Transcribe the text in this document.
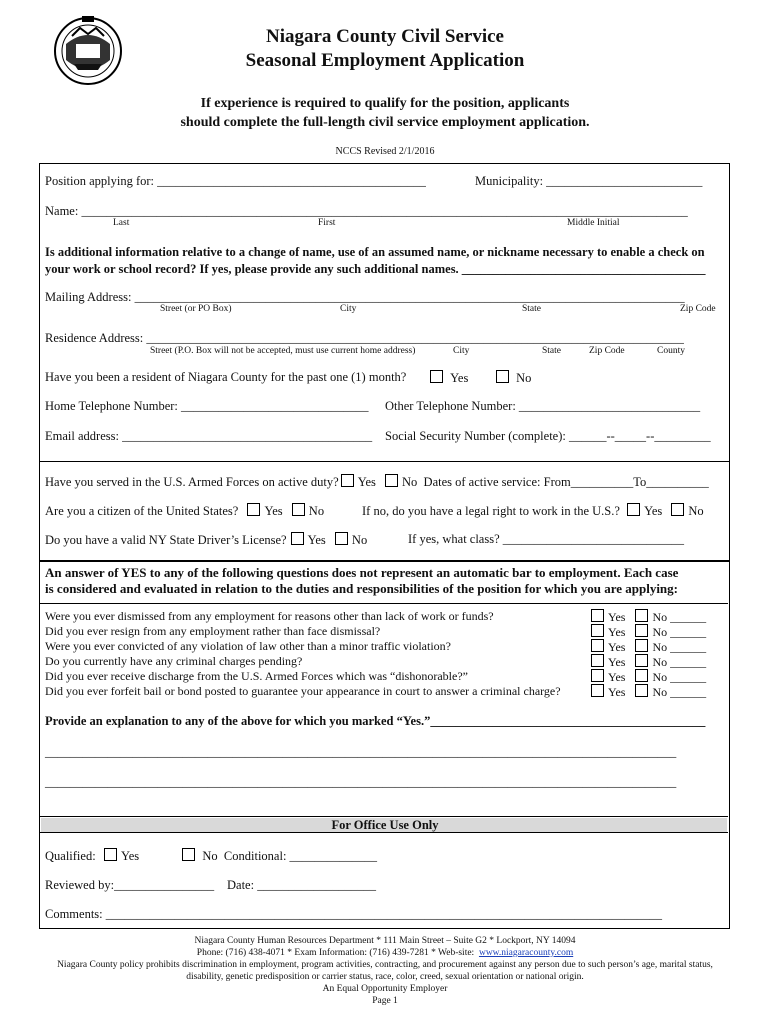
Niagara County Civil Service
Seasonal Employment Application
If experience is required to qualify for the position, applicants
should complete the full-length civil service employment application.
NCCS Revised 2/1/2016
Position applying for: ___________________________________________	Municipality: _________________________
Name: _________________________________________________________________________________________________
Last	First	Middle Initial
Is additional information relative to a change of name, use of an assumed name, or nickname necessary to enable a check on
your work or school record? If yes, please provide any such additional names. _______________________________________
Mailing Address: ________________________________________________________________________________________
Street (or PO Box)	City	State	Zip Code
Residence Address: ______________________________________________________________________________________
Street (P.O. Box will not be accepted, must use current home address)	City	State	Zip Code	County
Have you been a resident of Niagara County for the past one (1) month?	Yes	No
Home Telephone Number: ______________________________ Other Telephone Number: _____________________________
Email address: ________________________________________ Social Security Number (complete): ______--_____--_________
Have you served in the U.S. Armed Forces on active duty? Yes No Dates of active service: From__________To__________
Are you a citizen of the United States? Yes No	If no, do you have a legal right to work in the U.S.? Yes No
Do you have a valid NY State Driver’s License? Yes No	If yes, what class? _____________________________
An answer of YES to any of the following questions does not represent an automatic bar to employment. Each case
is considered and evaluated in relation to the duties and responsibilities of the position for which you are applying:
Were you ever dismissed from any employment for reasons other than lack of work or funds?	Yes No ______
Did you ever resign from any employment rather than face dismissal?	Yes No ______
Were you ever convicted of any violation of law other than a minor traffic violation?	Yes No ______
Do you currently have any criminal charges pending?	Yes No ______
Did you ever receive discharge from the U.S. Armed Forces which was “dishonorable?”	Yes No ______
Did you ever forfeit bail or bond posted to guarantee your appearance in court to answer a criminal charge?	Yes No ______
Provide an explanation to any of the above for which you marked “Yes.”____________________________________________
_____________________________________________________________________________________________________
_____________________________________________________________________________________________________
For Office Use Only
Qualified: Yes	No Conditional: ______________
Reviewed by:________________ Date: ___________________
Comments: _________________________________________________________________________________________
Niagara County Human Resources Department * 111 Main Street – Suite G2 * Lockport, NY 14094
Phone: (716) 438-4071 * Exam Information: (716) 439-7281 * Web-site: www.niagaracounty.com
Niagara County policy prohibits discrimination in employment, program activities, contracting, and procurement against any person due to such person’s age, marital status,
disability, genetic predisposition or carrier status, race, color, creed, sexual orientation or national origin.
An Equal Opportunity Employer
Page 1
